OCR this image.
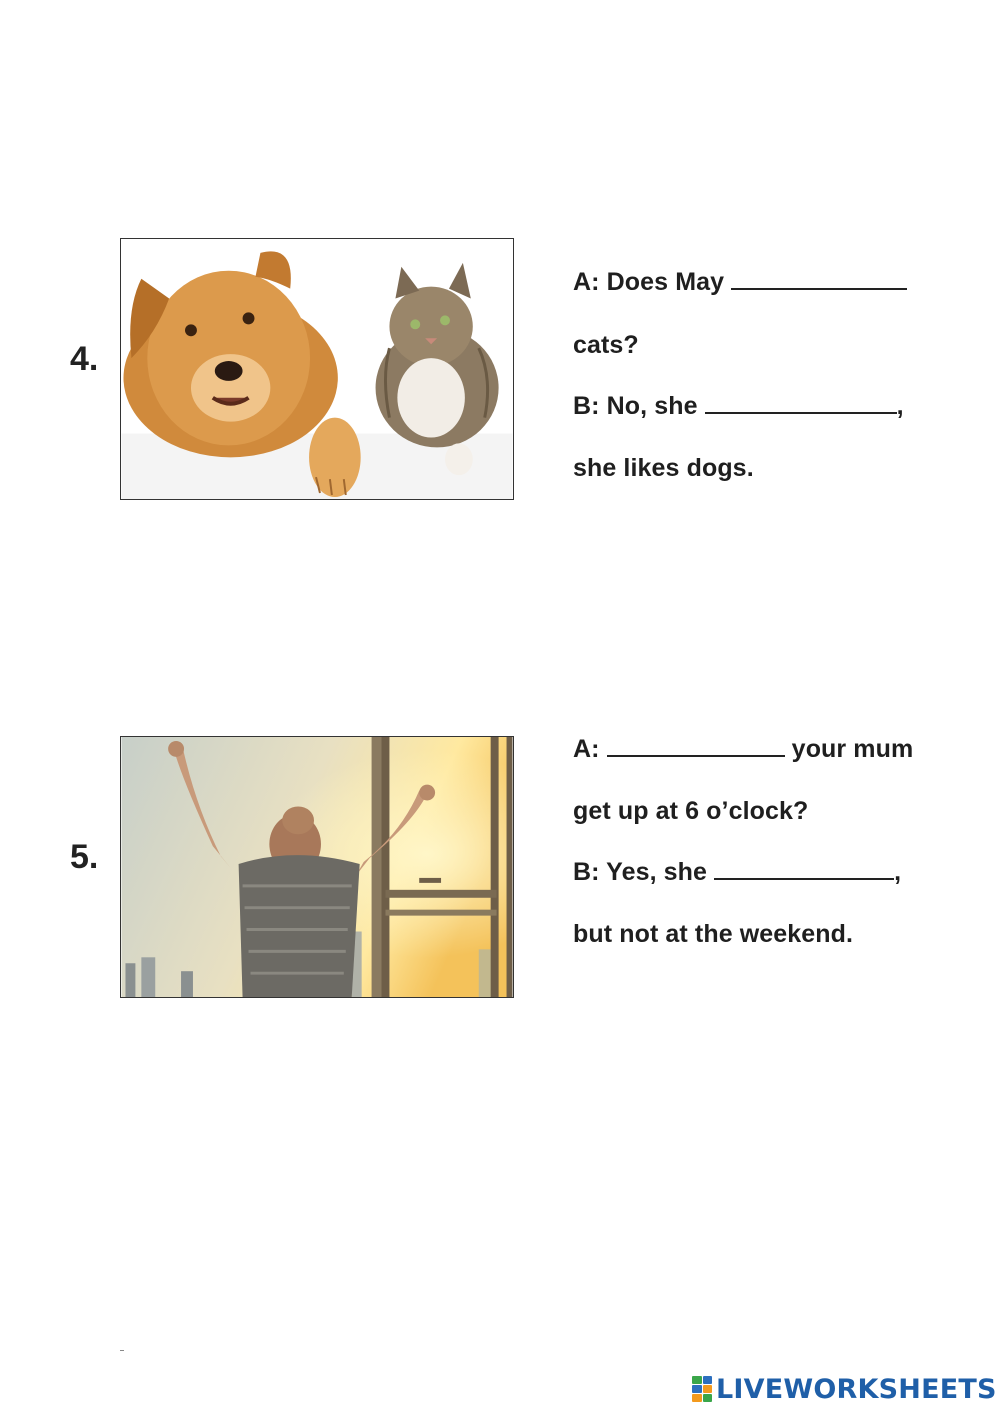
4.
A: Does May
cats?
B: No, she	,
she likes dogs.
5.
A:	your mum
get up at 6 o’clock?
B: Yes, she	,
but not at the weekend.
LIVEWORKSHEETS
